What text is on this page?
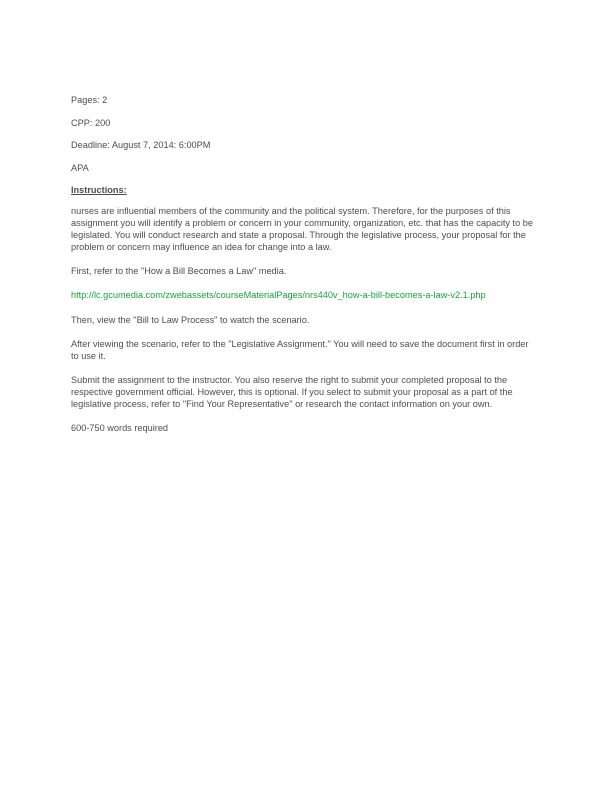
Pages: 2
CPP: 200
Deadline: August 7, 2014: 6:00PM
APA
Instructions:
nurses are influential members of the community and the political system. Therefore, for the purposes of this assignment you will identify a problem or concern in your community, organization, etc. that has the capacity to be legislated. You will conduct research and state a proposal. Through the legislative process, your proposal for the problem or concern may influence an idea for change into a law.
First, refer to the "How a Bill Becomes a Law" media.
http://lc.gcumedia.com/zwebassets/courseMaterialPages/nrs440v_how-a-bill-becomes-a-law-v2.1.php
Then, view the "Bill to Law Process" to watch the scenario.
After viewing the scenario, refer to the "Legislative Assignment." You will need to save the document first in order to use it.
Submit the assignment to the instructor. You also reserve the right to submit your completed proposal to the respective government official. However, this is optional. If you select to submit your proposal as a part of the legislative process, refer to "Find Your Representative" or research the contact information on your own.
600-750 words required
